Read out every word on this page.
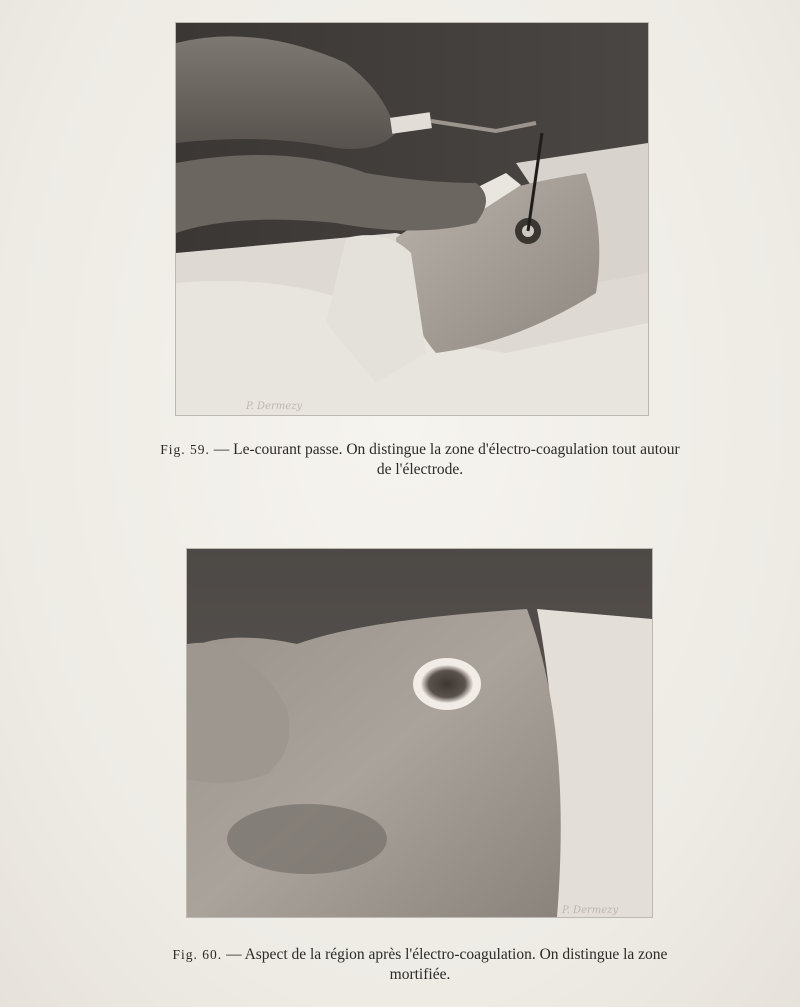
P. Dermezy
Fig. 59. — Le-courant passe. On distingue la zone d'électro-coagulation tout autour
de l'électrode.
P. Dermezy
Fig. 60. — Aspect de la région après l'électro-coagulation. On distingue la zone
mortifiée.
